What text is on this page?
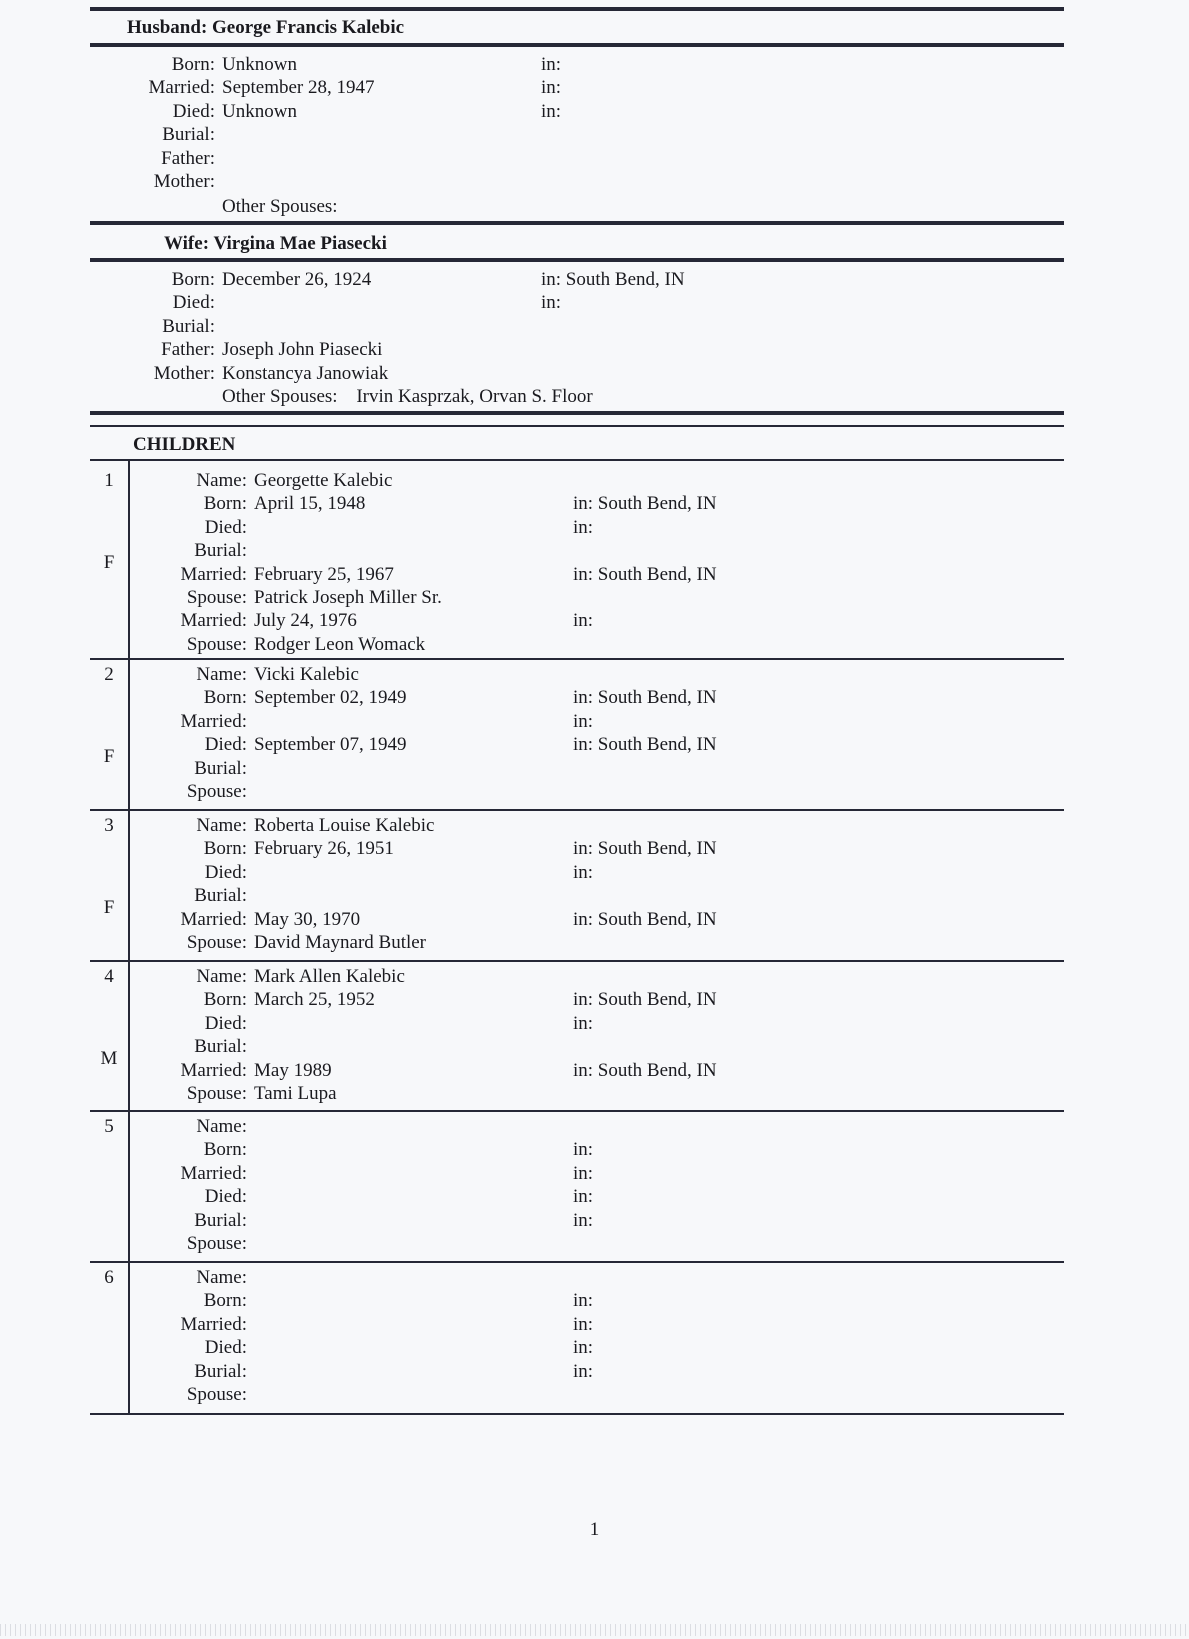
Husband: George Francis Kalebic
Born: Unknown	in:
Married: September 28, 1947	in:
Died: Unknown	in:
Burial:
Father:
Mother:
Other Spouses:
Wife: Virgina Mae Piasecki
Born: December 26, 1924	in: South Bend, IN
Died:	in:
Burial:
Father: Joseph John Piasecki
Mother: Konstancya Janowiak
Other Spouses: Irvin Kasprzak, Orvan S. Floor
CHILDREN
1
F
Name: Georgette Kalebic
Born: April 15, 1948	in: South Bend, IN
Died:	in:
Burial:
Married: February 25, 1967	in: South Bend, IN
Spouse: Patrick Joseph Miller Sr.
Married: July 24, 1976	in:
Spouse: Rodger Leon Womack
2
F
Name: Vicki Kalebic
Born: September 02, 1949	in: South Bend, IN
Married:	in:
Died: September 07, 1949	in: South Bend, IN
Burial:
Spouse:
3
F
Name: Roberta Louise Kalebic
Born: February 26, 1951	in: South Bend, IN
Died:	in:
Burial:
Married: May 30, 1970	in: South Bend, IN
Spouse: David Maynard Butler
4
M
Name: Mark Allen Kalebic
Born: March 25, 1952	in: South Bend, IN
Died:	in:
Burial:
Married: May 1989	in: South Bend, IN
Spouse: Tami Lupa
5	Name:
Born:	in:
Married:	in:
Died:	in:
Burial:	in:
Spouse:
6	Name:
Born:	in:
Married:	in:
Died:	in:
Burial:	in:
Spouse:
1
